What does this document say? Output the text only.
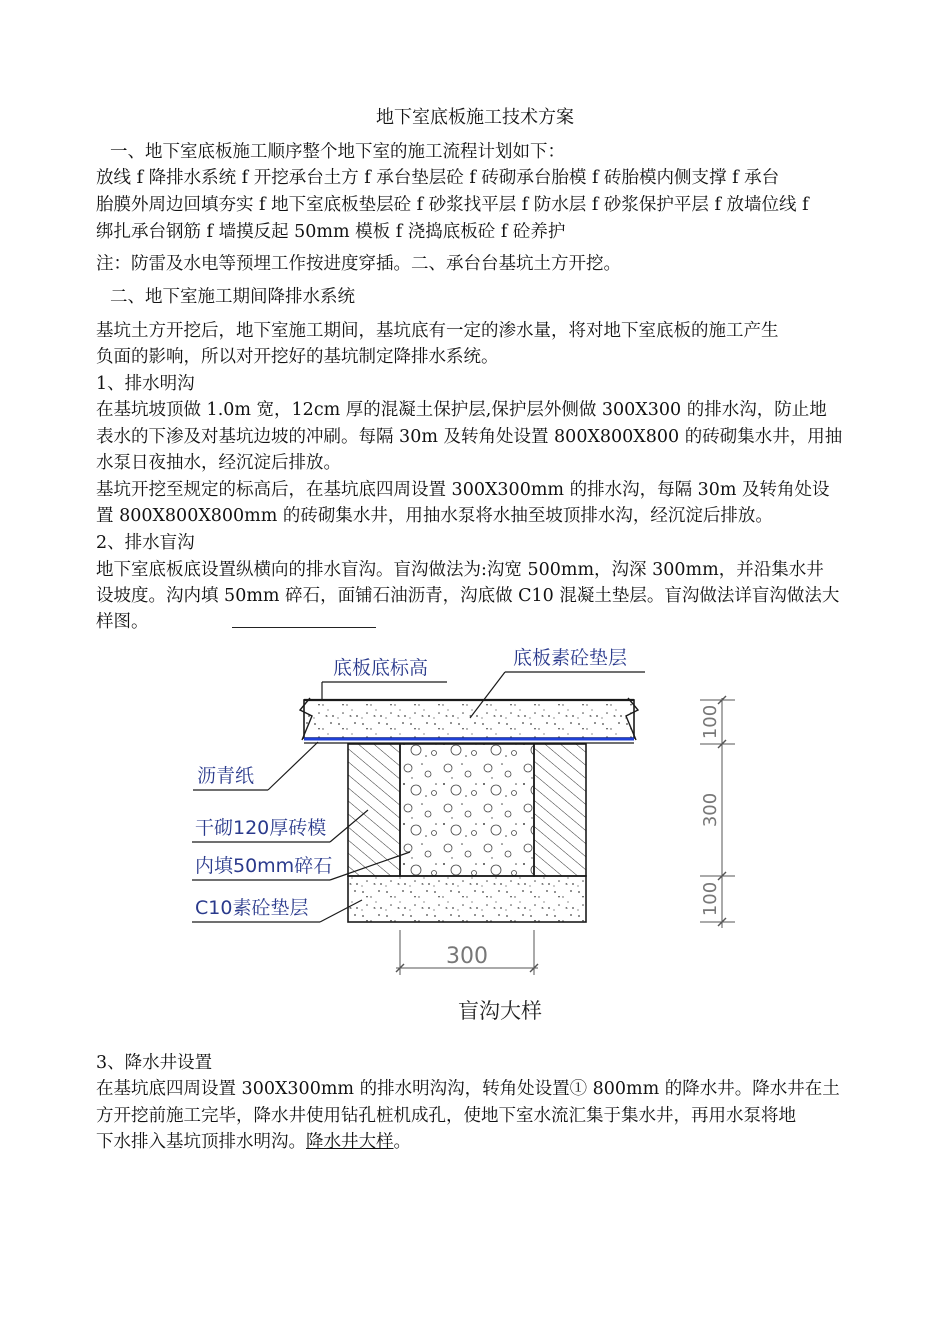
地下室底板施工技术方案
一、地下室底板施工顺序整个地下室的施工流程计划如下：
放线 f 降排水系统 f 开挖承台土方 f 承台垫层砼 f 砖砌承台胎模 f 砖胎模内侧支撑 f 承台
胎膜外周边回填夯实 f 地下室底板垫层砼 f 砂浆找平层 f 防水层 f 砂浆保护平层 f 放墙位线 f
绑扎承台钢筋 f 墙摸反起 50mm 模板 f 浇捣底板砼 f 砼养护
注：防雷及水电等预埋工作按进度穿插。二、承台台基坑土方开挖。
二、地下室施工期间降排水系统
基坑土方开挖后，地下室施工期间，基坑底有一定的渗水量，将对地下室底板的施工产生
负面的影响，所以对开挖好的基坑制定降排水系统。
1、排水明沟
在基坑坡顶做 1.0m 宽，12cm 厚的混凝土保护层,保护层外侧做 300X300 的排水沟，防止地
表水的下渗及对基坑边坡的冲刷。每隔 30m 及转角处设置 800X800X800 的砖砌集水井，用抽
水泵日夜抽水，经沉淀后排放。
基坑开挖至规定的标高后，在基坑底四周设置 300X300mm 的排水沟，每隔 30m 及转角处设
置 800X800X800mm 的砖砌集水井，用抽水泵将水抽至坡顶排水沟，经沉淀后排放。
2、排水盲沟
地下室底板底设置纵横向的排水盲沟。盲沟做法为:沟宽 500mm，沟深 300mm，并沿集水井
设坡度。沟内填 50mm 碎石，面铺石油沥青，沟底做 C10 混凝土垫层。盲沟做法详盲沟做法大
样图。
300
100
300
100
底板底标高	底板素砼垫层
沥青纸
干砌120厚砖模
内填50mm碎石
C10素砼垫层
盲沟大样
3、降水井设置
在基坑底四周设置 300X300mm 的排水明沟沟，转角处设置① 800mm 的降水井。降水井在土
方开挖前施工完毕，降水井使用钻孔桩机成孔，使地下室水流汇集于集水井，再用水泵将地
下水排入基坑顶排水明沟。降水井大样。
